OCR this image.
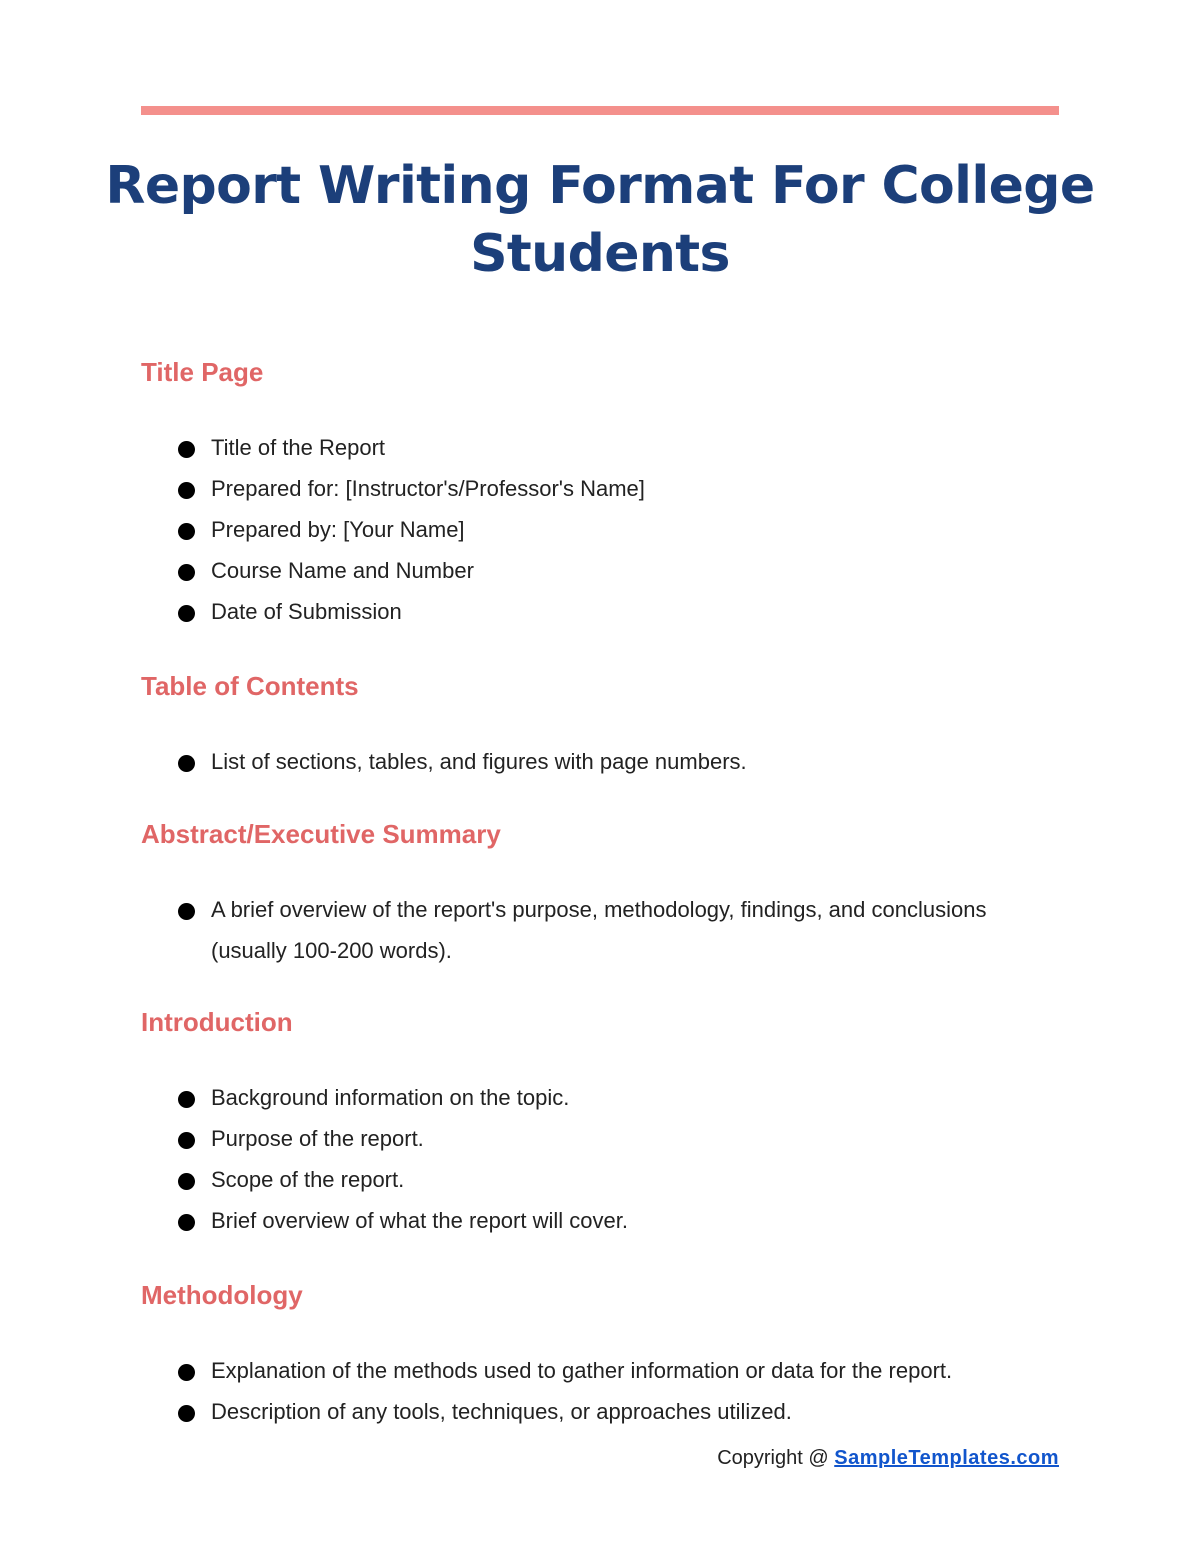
Report Writing Format For College Students
Title Page
Title of the Report
Prepared for: [Instructor's/Professor's Name]
Prepared by: [Your Name]
Course Name and Number
Date of Submission
Table of Contents
List of sections, tables, and figures with page numbers.
Abstract/Executive Summary
A brief overview of the report's purpose, methodology, findings, and conclusions (usually 100-200 words).
Introduction
Background information on the topic.
Purpose of the report.
Scope of the report.
Brief overview of what the report will cover.
Methodology
Explanation of the methods used to gather information or data for the report.
Description of any tools, techniques, or approaches utilized.
Copyright @ SampleTemplates.com
